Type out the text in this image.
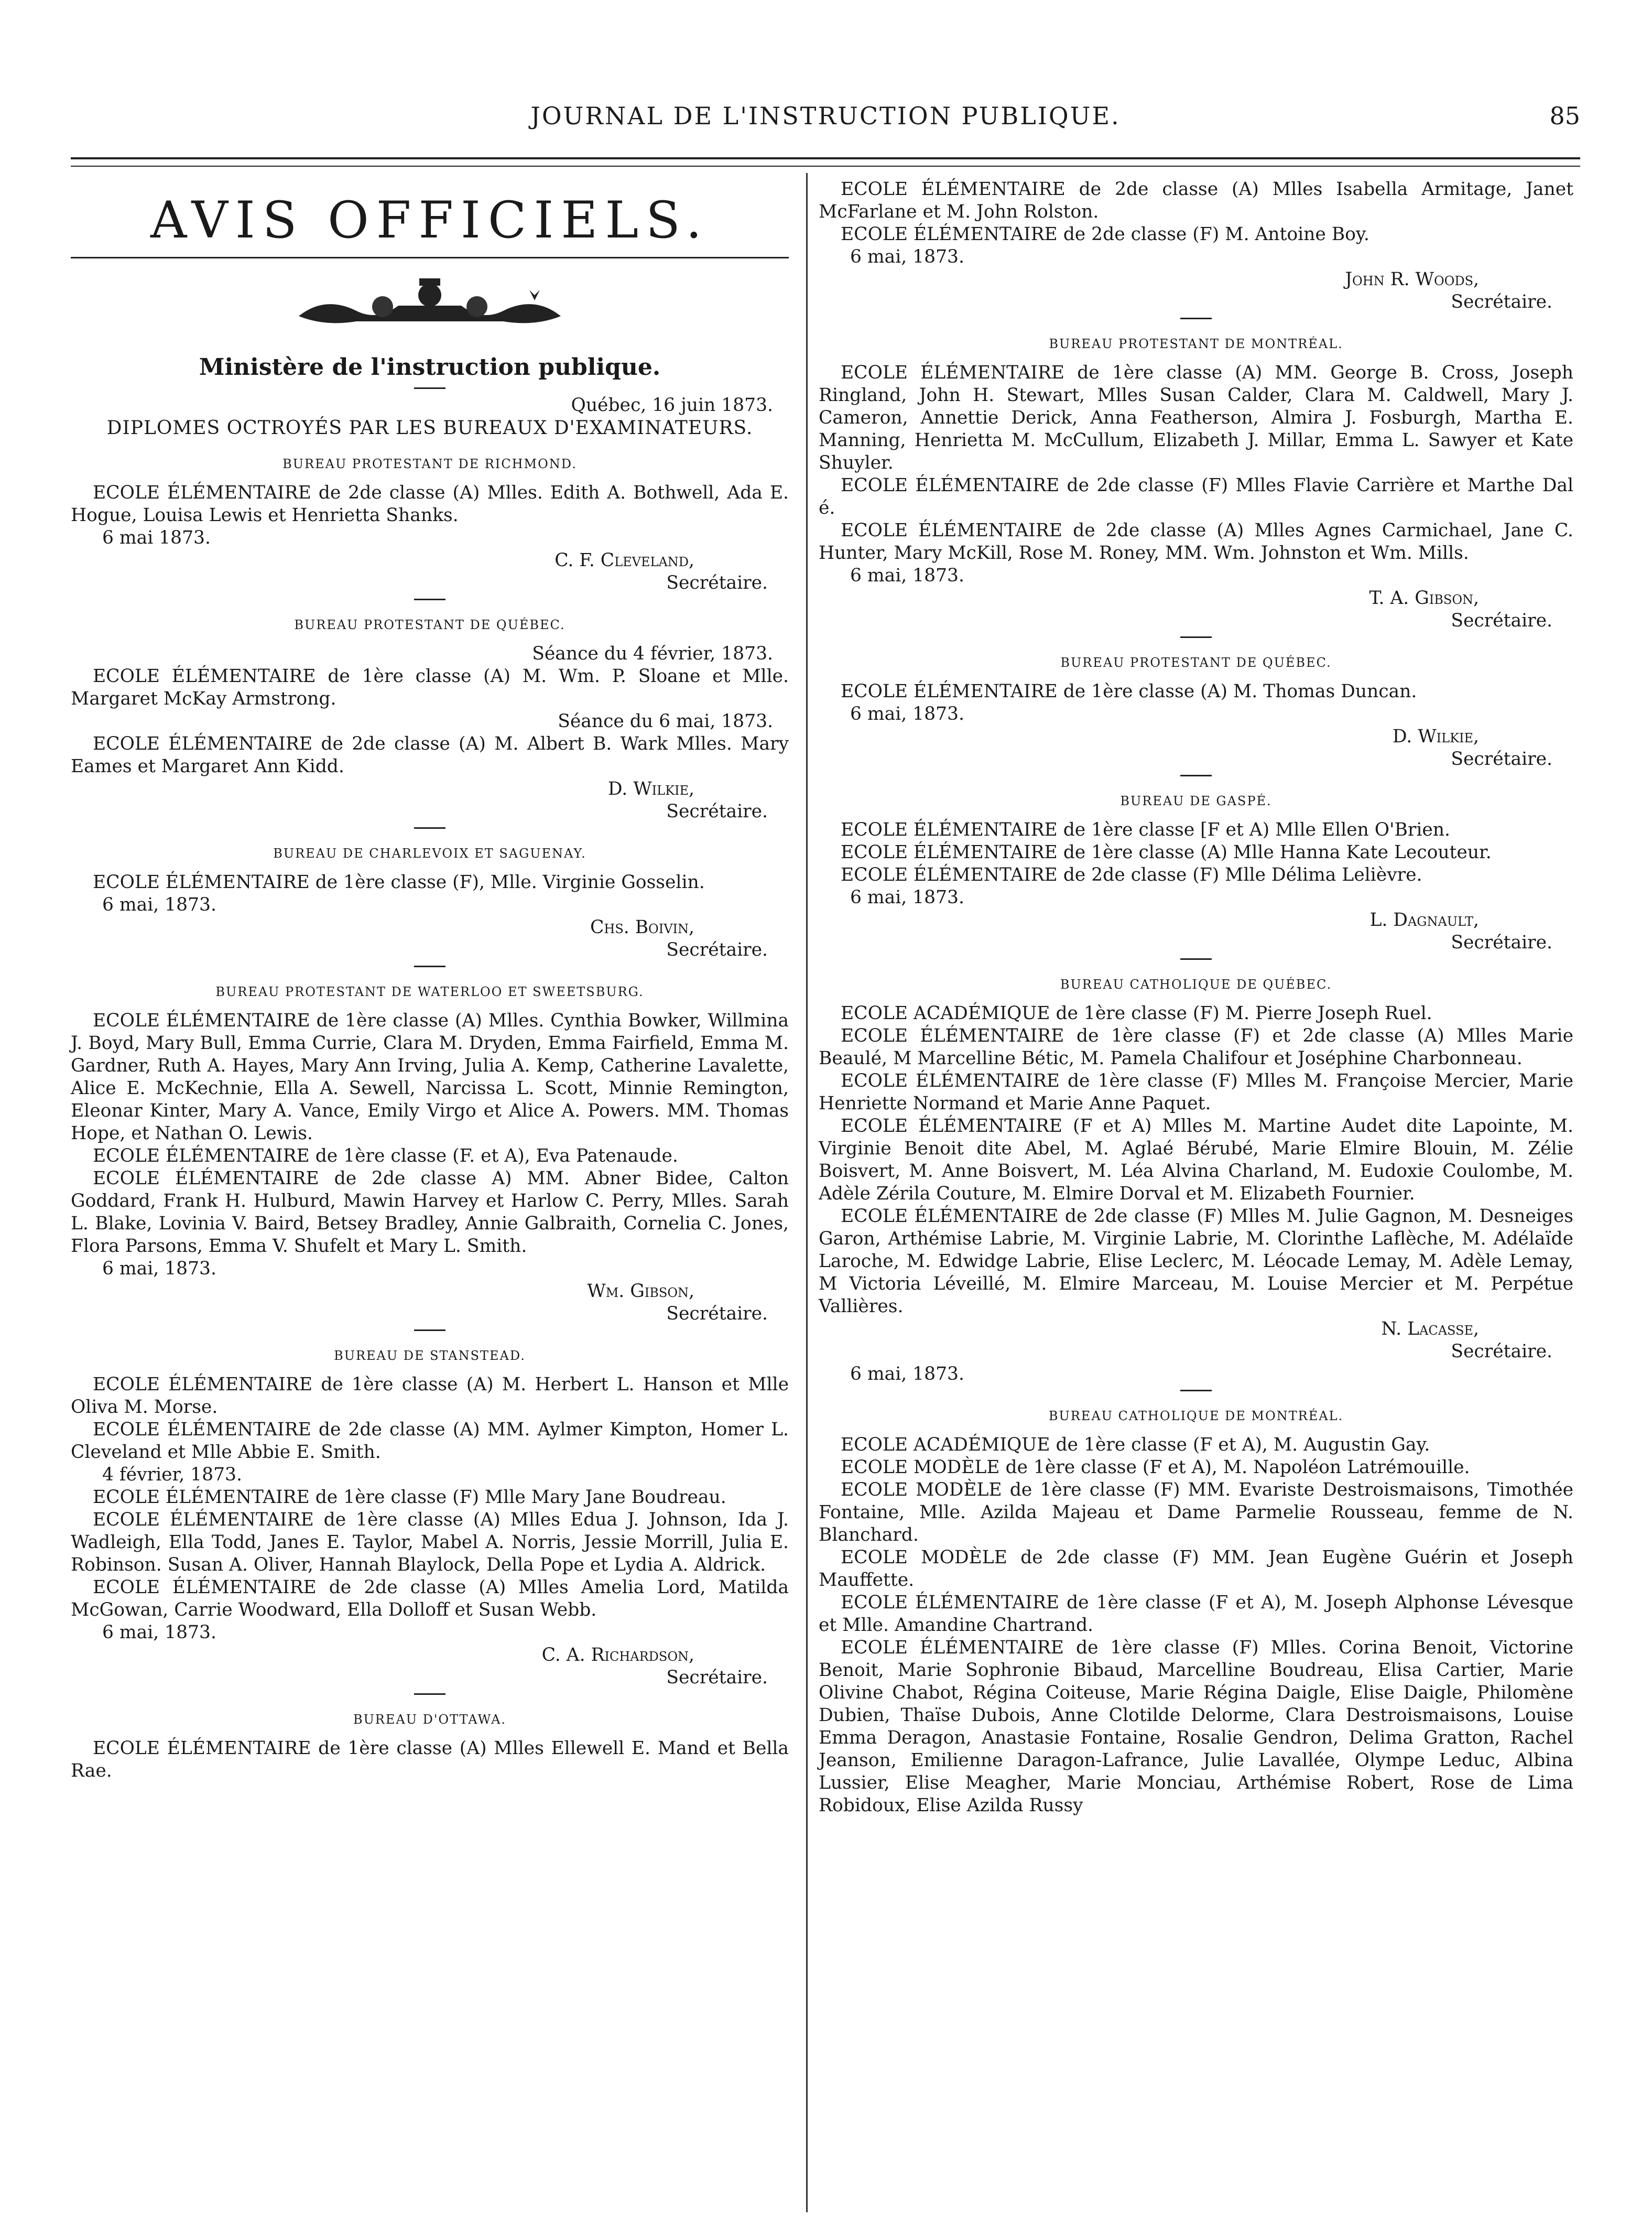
JOURNAL DE L'INSTRUCTION PUBLIQUE.	85
AVIS OFFICIELS.
Ministère de l'instruction publique.
Québec, 16 juin 1873.
DIPLOMES OCTROYÉS PAR LES BUREAUX D'EXAMINATEURS.
BUREAU PROTESTANT DE RICHMOND.

ECOLE ÉLÉMENTAIRE de 2de classe (A) Mlles. Edith A. Bothwell, Ada E. Hogue, Louisa Lewis et Henrietta Shanks.

6 mai 1873.
C. F. Cleveland,
Secrétaire.
BUREAU PROTESTANT DE QUÉBEC.
Séance du 4 février, 1873.

ECOLE ÉLÉMENTAIRE de 1ère classe (A) M. Wm. P. Sloane et Mlle. Margaret McKay Armstrong.

Séance du 6 mai, 1873.

ECOLE ÉLÉMENTAIRE de 2de classe (A) M. Albert B. Wark Mlles. Mary Eames et Margaret Ann Kidd.

D. Wilkie,
Secrétaire.
BUREAU DE CHARLEVOIX ET SAGUENAY.

ECOLE ÉLÉMENTAIRE de 1ère classe (F), Mlle. Virginie Gosselin.

6 mai, 1873.
Chs. Boivin,
Secrétaire.
BUREAU PROTESTANT DE WATERLOO ET SWEETSBURG.

ECOLE ÉLÉMENTAIRE de 1ère classe (A) Mlles. Cynthia Bowker, Willmina J. Boyd, Mary Bull, Emma Currie, Clara M. Dryden, Emma Fairfield, Emma M. Gardner, Ruth A. Hayes, Mary Ann Irving, Julia A. Kemp, Catherine Lavalette, Alice E. McKechnie, Ella A. Sewell, Narcissa L. Scott, Minnie Remington, Eleonar Kinter, Mary A. Vance, Emily Virgo et Alice A. Powers. MM. Thomas Hope, et Nathan O. Lewis.

ECOLE ÉLÉMENTAIRE de 1ère classe (F. et A), Eva Patenaude.

ECOLE ÉLÉMENTAIRE de 2de classe A) MM. Abner Bidee, Calton Goddard, Frank H. Hulburd, Mawin Harvey et Harlow C. Perry, Mlles. Sarah L. Blake, Lovinia V. Baird, Betsey Bradley, Annie Galbraith, Cornelia C. Jones, Flora Parsons, Emma V. Shufelt et Mary L. Smith.

6 mai, 1873.
Wm. Gibson,
Secrétaire.
BUREAU DE STANSTEAD.

ECOLE ÉLÉMENTAIRE de 1ère classe (A) M. Herbert L. Hanson et Mlle Oliva M. Morse.

ECOLE ÉLÉMENTAIRE de 2de classe (A) MM. Aylmer Kimpton, Homer L. Cleveland et Mlle Abbie E. Smith.

4 février, 1873.

ECOLE ÉLÉMENTAIRE de 1ère classe (F) Mlle Mary Jane Boudreau.

ECOLE ÉLÉMENTAIRE de 1ère classe (A) Mlles Edua J. Johnson, Ida J. Wadleigh, Ella Todd, Janes E. Taylor, Mabel A. Norris, Jessie Morrill, Julia E. Robinson. Susan A. Oliver, Hannah Blaylock, Della Pope et Lydia A. Aldrick.

ECOLE ÉLÉMENTAIRE de 2de classe (A) Mlles Amelia Lord, Matilda McGowan, Carrie Woodward, Ella Dolloff et Susan Webb.

6 mai, 1873.
C. A. Richardson,
Secrétaire.
BUREAU D'OTTAWA.

ECOLE ÉLÉMENTAIRE de 1ère classe (A) Mlles Ellewell E. Mand et Bella Rae.

ECOLE ÉLÉMENTAIRE de 2de classe (A) Mlles Isabella Armitage, Janet McFarlane et M. John Rolston.

ECOLE ÉLÉMENTAIRE de 2de classe (F) M. Antoine Boy.

6 mai, 1873.
John R. Woods,
Secrétaire.
BUREAU PROTESTANT DE MONTRÉAL.

ECOLE ÉLÉMENTAIRE de 1ère classe (A) MM. George B. Cross, Joseph Ringland, John H. Stewart, Mlles Susan Calder, Clara M. Caldwell, Mary J. Cameron, Annettie Derick, Anna Featherson, Almira J. Fosburgh, Martha E. Manning, Henrietta M. McCullum, Elizabeth J. Millar, Emma L. Sawyer et Kate Shuyler.

ECOLE ÉLÉMENTAIRE de 2de classe (F) Mlles Flavie Carrière et Marthe Dal é.

ECOLE ÉLÉMENTAIRE de 2de classe (A) Mlles Agnes Carmichael, Jane C. Hunter, Mary McKill, Rose M. Roney, MM. Wm. Johnston et Wm. Mills.

6 mai, 1873.
T. A. Gibson,
Secrétaire.
BUREAU PROTESTANT DE QUÉBEC.

ECOLE ÉLÉMENTAIRE de 1ère classe (A) M. Thomas Duncan.

6 mai, 1873.
D. Wilkie,
Secrétaire.
BUREAU DE GASPÉ.

ECOLE ÉLÉMENTAIRE de 1ère classe [F et A) Mlle Ellen O'Brien.

ECOLE ÉLÉMENTAIRE de 1ère classe (A) Mlle Hanna Kate Lecouteur.

ECOLE ÉLÉMENTAIRE de 2de classe (F) Mlle Délima Lelièvre.

6 mai, 1873.
L. Dagnault,
Secrétaire.
BUREAU CATHOLIQUE DE QUÉBEC.

ECOLE ACADÉMIQUE de 1ère classe (F) M. Pierre Joseph Ruel.

ECOLE ÉLÉMENTAIRE de 1ère classe (F) et 2de classe (A) Mlles Marie Beaulé, M Marcelline Bétic, M. Pamela Chalifour et Joséphine Charbonneau.

ECOLE ÉLÉMENTAIRE de 1ère classe (F) Mlles M. Françoise Mercier, Marie Henriette Normand et Marie Anne Paquet.

ECOLE ÉLÉMENTAIRE (F et A) Mlles M. Martine Audet dite Lapointe, M. Virginie Benoit dite Abel, M. Aglaé Bérubé, Marie Elmire Blouin, M. Zélie Boisvert, M. Anne Boisvert, M. Léa Alvina Charland, M. Eudoxie Coulombe, M. Adèle Zérila Couture, M. Elmire Dorval et M. Elizabeth Fournier.

ECOLE ÉLÉMENTAIRE de 2de classe (F) Mlles M. Julie Gagnon, M. Desneiges Garon, Arthémise Labrie, M. Virginie Labrie, M. Clorinthe Laflèche, M. Adélaïde Laroche, M. Edwidge Labrie, Elise Leclerc, M. Léocade Lemay, M. Adèle Lemay, M Victoria Léveillé, M. Elmire Marceau, M. Louise Mercier et M. Perpétue Vallières.

N. Lacasse,
Secrétaire.
6 mai, 1873.
BUREAU CATHOLIQUE DE MONTRÉAL.

ECOLE ACADÉMIQUE de 1ère classe (F et A), M. Augustin Gay.

ECOLE MODÈLE de 1ère classe (F et A), M. Napoléon Latrémouille.

ECOLE MODÈLE de 1ère classe (F) MM. Evariste Destroismaisons, Timothée Fontaine, Mlle. Azilda Majeau et Dame Parmelie Rousseau, femme de N. Blanchard.

ECOLE MODÈLE de 2de classe (F) MM. Jean Eugène Guérin et Joseph Mauffette.

ECOLE ÉLÉMENTAIRE de 1ère classe (F et A), M. Joseph Alphonse Lévesque et Mlle. Amandine Chartrand.

ECOLE ÉLÉMENTAIRE de 1ère classe (F) Mlles. Corina Benoit, Victorine Benoit, Marie Sophronie Bibaud, Marcelline Boudreau, Elisa Cartier, Marie Olivine Chabot, Régina Coiteuse, Marie Régina Daigle, Elise Daigle, Philomène Dubien, Thaïse Dubois, Anne Clotilde Delorme, Clara Destroismaisons, Louise Emma Deragon, Anastasie Fontaine, Rosalie Gendron, Delima Gratton, Rachel Jeanson, Emilienne Daragon-Lafrance, Julie Lavallée, Olympe Leduc, Albina Lussier, Elise Meagher, Marie Monciau, Arthémise Robert, Rose de Lima Robidoux, Elise Azilda Russy
